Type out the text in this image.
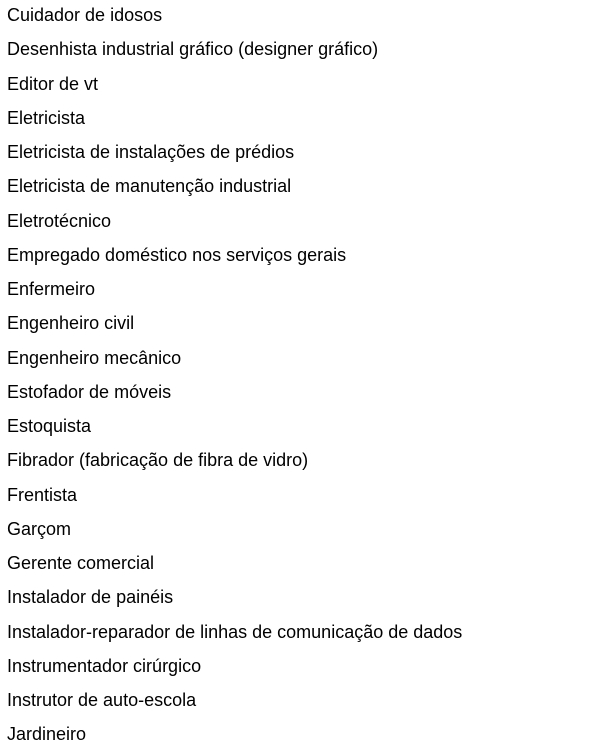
Cuidador de idosos
Desenhista industrial gráfico (designer gráfico)
Editor de vt
Eletricista
Eletricista de instalações de prédios
Eletricista de manutenção industrial
Eletrotécnico
Empregado doméstico nos serviços gerais
Enfermeiro
Engenheiro civil
Engenheiro mecânico
Estofador de móveis
Estoquista
Fibrador (fabricação de fibra de vidro)
Frentista
Garçom
Gerente comercial
Instalador de painéis
Instalador-reparador de linhas de comunicação de dados
Instrumentador cirúrgico
Instrutor de auto-escola
Jardineiro
